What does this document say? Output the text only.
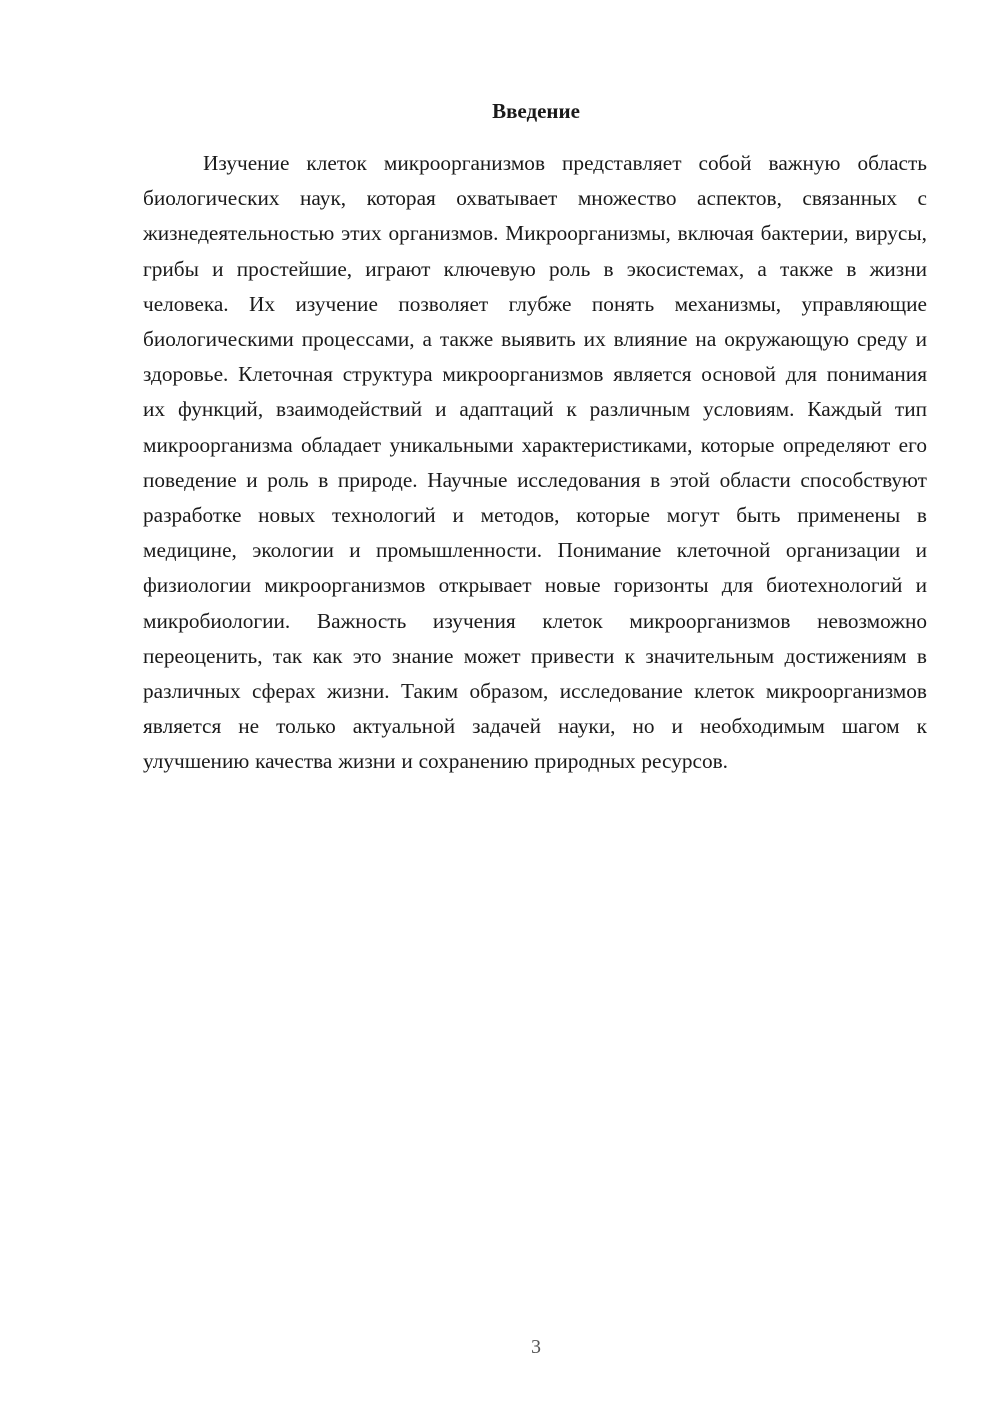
Введение

Изучение клеток микроорганизмов представляет собой важную область биологических наук, которая охватывает множество аспектов, связанных с жизнедеятельностью этих организмов. Микроорганизмы, включая бактерии, вирусы, грибы и простейшие, играют ключевую роль в экосистемах, а также в жизни человека. Их изучение позволяет глубже понять механизмы, управляющие биологическими процессами, а также выявить их влияние на окружающую среду и здоровье. Клеточная структура микроорганизмов является основой для понимания их функций, взаимодействий и адаптаций к различным условиям. Каждый тип микроорганизма обладает уникальными характеристиками, которые определяют его поведение и роль в природе. Научные исследования в этой области способствуют разработке новых технологий и методов, которые могут быть применены в медицине, экологии и промышленности. Понимание клеточной организации и физиологии микроорганизмов открывает новые горизонты для биотехнологий и микробиологии. Важность изучения клеток микроорганизмов невозможно переоценить, так как это знание может привести к значительным достижениям в различных сферах жизни. Таким образом, исследование клеток микроорганизмов является не только актуальной задачей науки, но и необходимым шагом к улучшению качества жизни и сохранению природных ресурсов.

3
